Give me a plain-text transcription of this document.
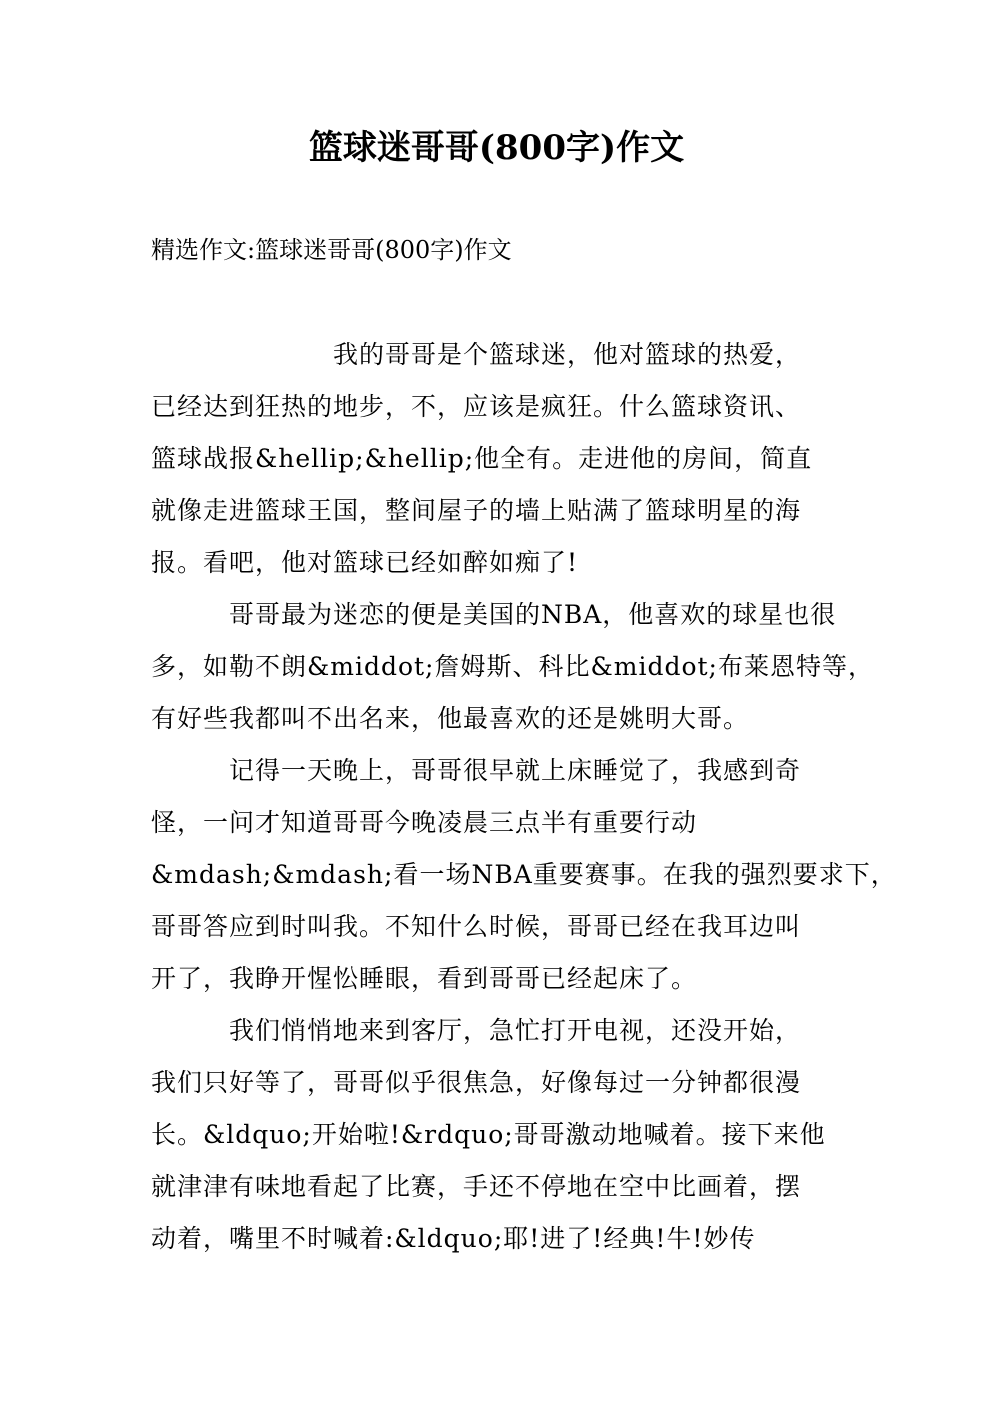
篮球迷哥哥(800字)作文
精选作文:篮球迷哥哥(800字)作文
　　　　　　　我的哥哥是个篮球迷，他对篮球的热爱，
已经达到狂热的地步，不，应该是疯狂。什么篮球资讯、
篮球战报&hellip;&hellip;他全有。走进他的房间，简直
就像走进篮球王国，整间屋子的墙上贴满了篮球明星的海
报。看吧，他对篮球已经如醉如痴了!
　　　哥哥最为迷恋的便是美国的NBA，他喜欢的球星也很
多，如勒不朗&middot;詹姆斯、科比&middot;布莱恩特等，
有好些我都叫不出名来，他最喜欢的还是姚明大哥。
　　　记得一天晚上，哥哥很早就上床睡觉了，我感到奇
怪，一问才知道哥哥今晚凌晨三点半有重要行动
&mdash;&mdash;看一场NBA重要赛事。在我的强烈要求下，
哥哥答应到时叫我。不知什么时候，哥哥已经在我耳边叫
开了，我睁开惺忪睡眼，看到哥哥已经起床了。
　　　我们悄悄地来到客厅，急忙打开电视，还没开始，
我们只好等了，哥哥似乎很焦急，好像每过一分钟都很漫
长。&ldquo;开始啦!&rdquo;哥哥激动地喊着。接下来他
就津津有味地看起了比赛，手还不停地在空中比画着，摆
动着，嘴里不时喊着:&ldquo;耶!进了!经典!牛!妙传
